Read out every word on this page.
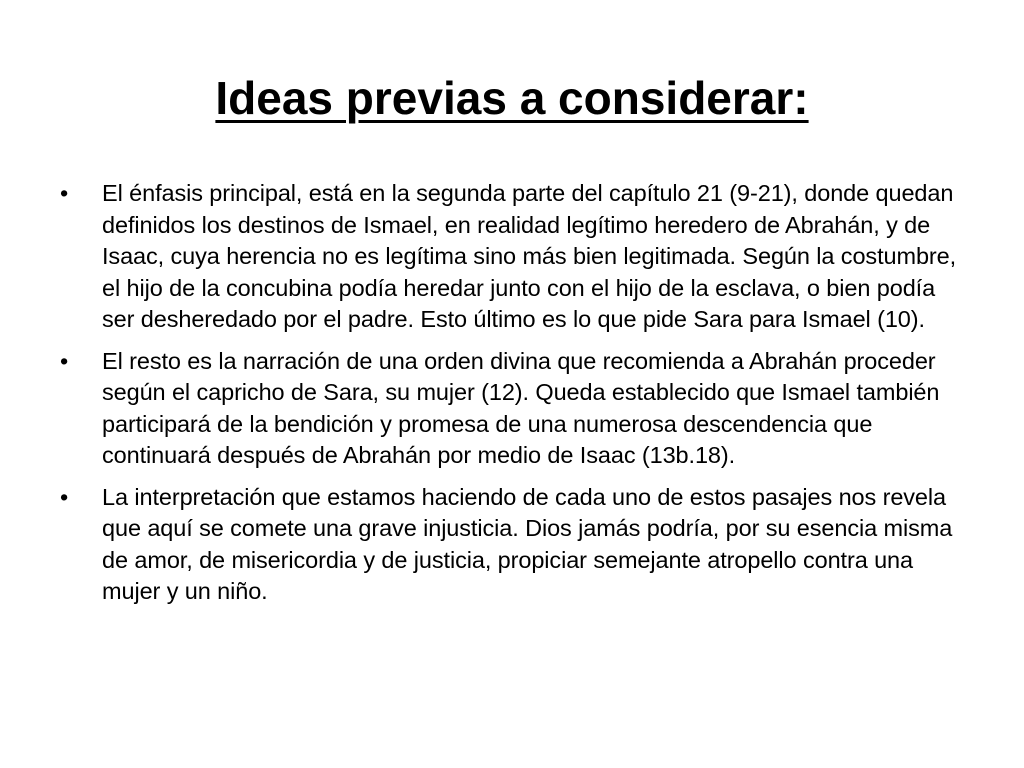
Ideas previas a considerar:
• El énfasis principal, está en la segunda parte del capítulo 21 (9-21), donde quedan definidos los destinos de Ismael, en realidad legítimo heredero de Abrahán, y de Isaac, cuya herencia no es legítima sino más bien legitimada. Según la costumbre, el hijo de la concubina podía heredar junto con el hijo de la esclava, o bien podía ser desheredado por el padre. Esto último es lo que pide Sara para Ismael (10).
• El resto es la narración de una orden divina que recomienda a Abrahán proceder según el capricho de Sara, su mujer (12). Queda establecido que Ismael también participará de la bendición y promesa de una numerosa descendencia que continuará después de Abrahán por medio de Isaac (13b.18).
• La interpretación que estamos haciendo de cada uno de estos pasajes nos revela que aquí se comete una grave injusticia. Dios jamás podría, por su esencia misma de amor, de misericordia y de justicia, propiciar semejante atropello contra una mujer y un niño.
